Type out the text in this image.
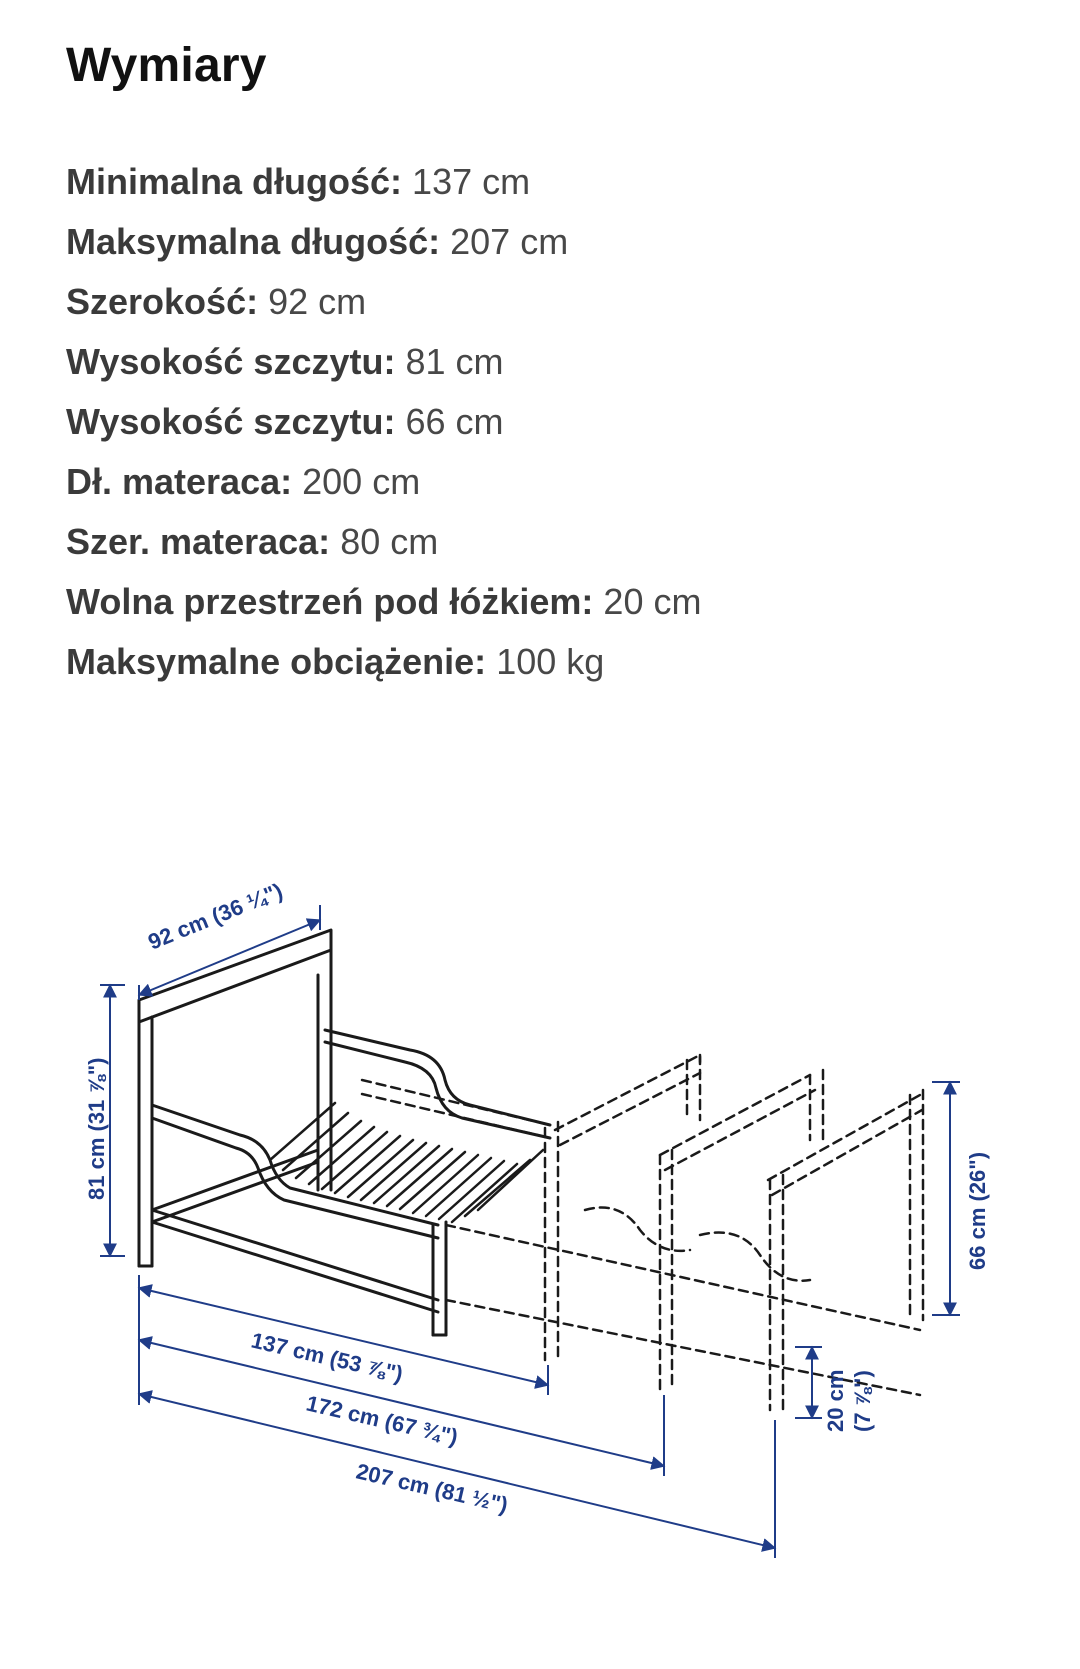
Wymiary
Minimalna długość: 137 cm
Maksymalna długość: 207 cm
Szerokość: 92 cm
Wysokość szczytu: 81 cm
Wysokość szczytu: 66 cm
Dł. materaca: 200 cm
Szer. materaca: 80 cm
Wolna przestrzeń pod łóżkiem: 20 cm
Maksymalne obciążenie: 100 kg
92 cm (36 ¼")
81 cm (31 ⅞")
66 cm (26")
20 cm (7 ⅞")
137 cm (53 ⅞")
172 cm (67 ¾")
207 cm (81 ½")
